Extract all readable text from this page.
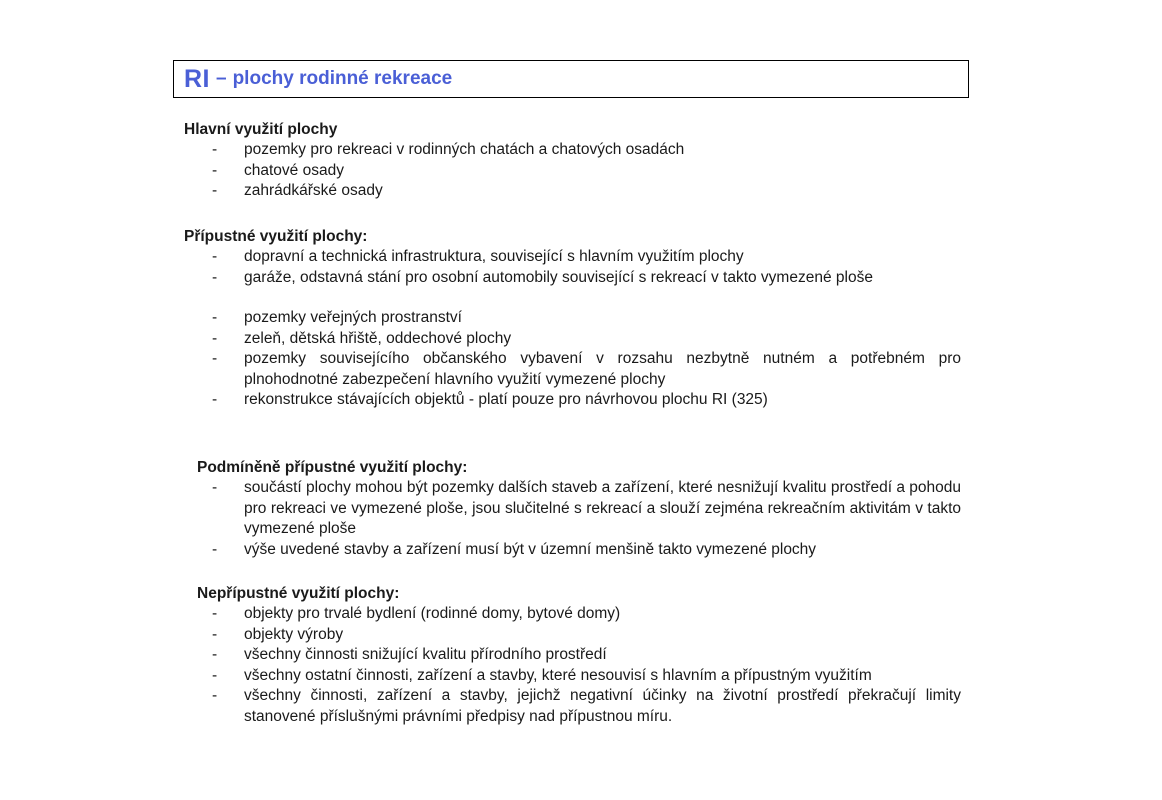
RI – plochy rodinné rekreace

Hlavní využití plochy

-	pozemky pro rekreaci v rodinných chatách a chatových osadách
-	chatové osady
-	zahrádkářské osady

Přípustné využití plochy:

-	dopravní a technická infrastruktura, související s hlavním využitím plochy
-	garáže, odstavná stání pro osobní automobily související s rekreací v takto vymezené ploše
-	pozemky veřejných prostranství
-	zeleň, dětská hřiště, oddechové plochy
-	pozemky souvisejícího občanského vybavení v rozsahu nezbytně nutném a potřebném pro plnohodnotné zabezpečení hlavního využití vymezené plochy
-	rekonstrukce stávajících objektů - platí pouze pro návrhovou plochu RI (325)

Podmíněně přípustné využití plochy:

-	součástí plochy mohou být pozemky dalších staveb a zařízení, které nesnižují kvalitu prostředí a pohodu pro rekreaci ve vymezené ploše, jsou slučitelné s rekreací a slouží zejména rekreačním aktivitám v takto vymezené ploše
-	výše uvedené stavby a zařízení musí být v územní menšině takto vymezené plochy

Nepřípustné využití plochy:

-	objekty pro trvalé bydlení (rodinné domy, bytové domy)
-	objekty výroby
-	všechny činnosti snižující kvalitu přírodního prostředí
-	všechny ostatní činnosti, zařízení a stavby, které nesouvisí s hlavním a přípustným využitím
-	všechny činnosti, zařízení a stavby, jejichž negativní účinky na životní prostředí překračují limity stanovené příslušnými právními předpisy nad přípustnou míru.
